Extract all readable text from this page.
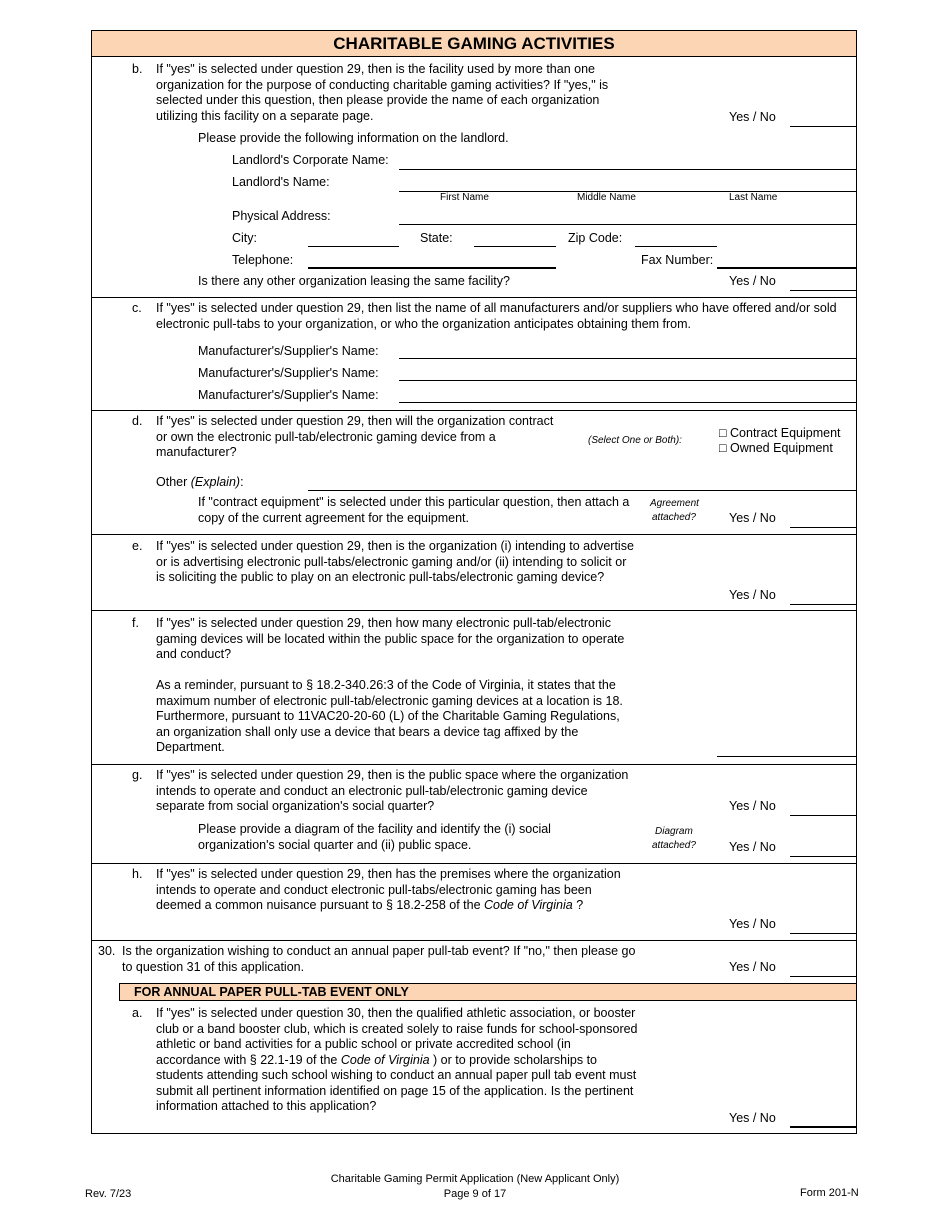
CHARITABLE GAMING ACTIVITIES
b. If "yes" is selected under question 29, then is the facility used by more than one organization for the purpose of conducting charitable gaming activities? If "yes," is selected under this question, then please provide the name of each organization utilizing this facility on a separate page.	Yes / No
Please provide the following information on the landlord.
Landlord's Corporate Name:
Landlord's Name:
First Name	Middle Name	Last Name
Physical Address:
City:	State:	Zip Code:
Telephone:	Fax Number:
Is there any other organization leasing the same facility?	Yes / No
c. If "yes" is selected under question 29, then list the name of all manufacturers and/or suppliers who have offered and/or sold electronic pull-tabs to your organization, or who the organization anticipates obtaining them from.
Manufacturer's/Supplier's Name:
Manufacturer's/Supplier's Name:
Manufacturer's/Supplier's Name:
d. If "yes" is selected under question 29, then will the organization contract or own the electronic pull-tab/electronic gaming device from a manufacturer?
(Select One or Both):
□ Contract Equipment
□ Owned Equipment
Other (Explain):
If "contract equipment" is selected under this particular question, then attach a copy of the current agreement for the equipment.
Agreement
attached?	Yes / No
e. If "yes" is selected under question 29, then is the organization (i) intending to advertise or is advertising electronic pull-tabs/electronic gaming and/or (ii) intending to solicit or is soliciting the public to play on an electronic pull-tabs/electronic gaming device?
Yes / No
f. If "yes" is selected under question 29, then how many electronic pull-tab/electronic gaming devices will be located within the public space for the organization to operate and conduct?
As a reminder, pursuant to § 18.2-340.26:3 of the Code of Virginia, it states that the maximum number of electronic pull-tab/electronic gaming devices at a location is 18. Furthermore, pursuant to 11VAC20-20-60 (L) of the Charitable Gaming Regulations, an organization shall only use a device that bears a device tag affixed by the Department.
g. If "yes" is selected under question 29, then is the public space where the organization intends to operate and conduct an electronic pull-tab/electronic gaming device separate from social organization's social quarter?	Yes / No
Please provide a diagram of the facility and identify the (i) social organization's social quarter and (ii) public space.
Diagram
attached?	Yes / No
h. If "yes" is selected under question 29, then has the premises where the organization intends to operate and conduct electronic pull-tabs/electronic gaming has been deemed a common nuisance pursuant to § 18.2-258 of the Code of Virginia ?
Yes / No
30. Is the organization wishing to conduct an annual paper pull-tab event? If "no," then please go to question 31 of this application.	Yes / No
FOR ANNUAL PAPER PULL-TAB EVENT ONLY
a. If "yes" is selected under question 30, then the qualified athletic association, or booster club or a band booster club, which is created solely to raise funds for school-sponsored athletic or band activities for a public school or private accredited school (in accordance with § 22.1-19 of the Code of Virginia ) or to provide scholarships to students attending such school wishing to conduct an annual paper pull tab event must submit all pertinent information identified on page 15 of the application. Is the pertinent information attached to this application?
Yes / No
Rev. 7/23
Charitable Gaming Permit Application (New Applicant Only)
Page 9 of 17	Form 201-N
